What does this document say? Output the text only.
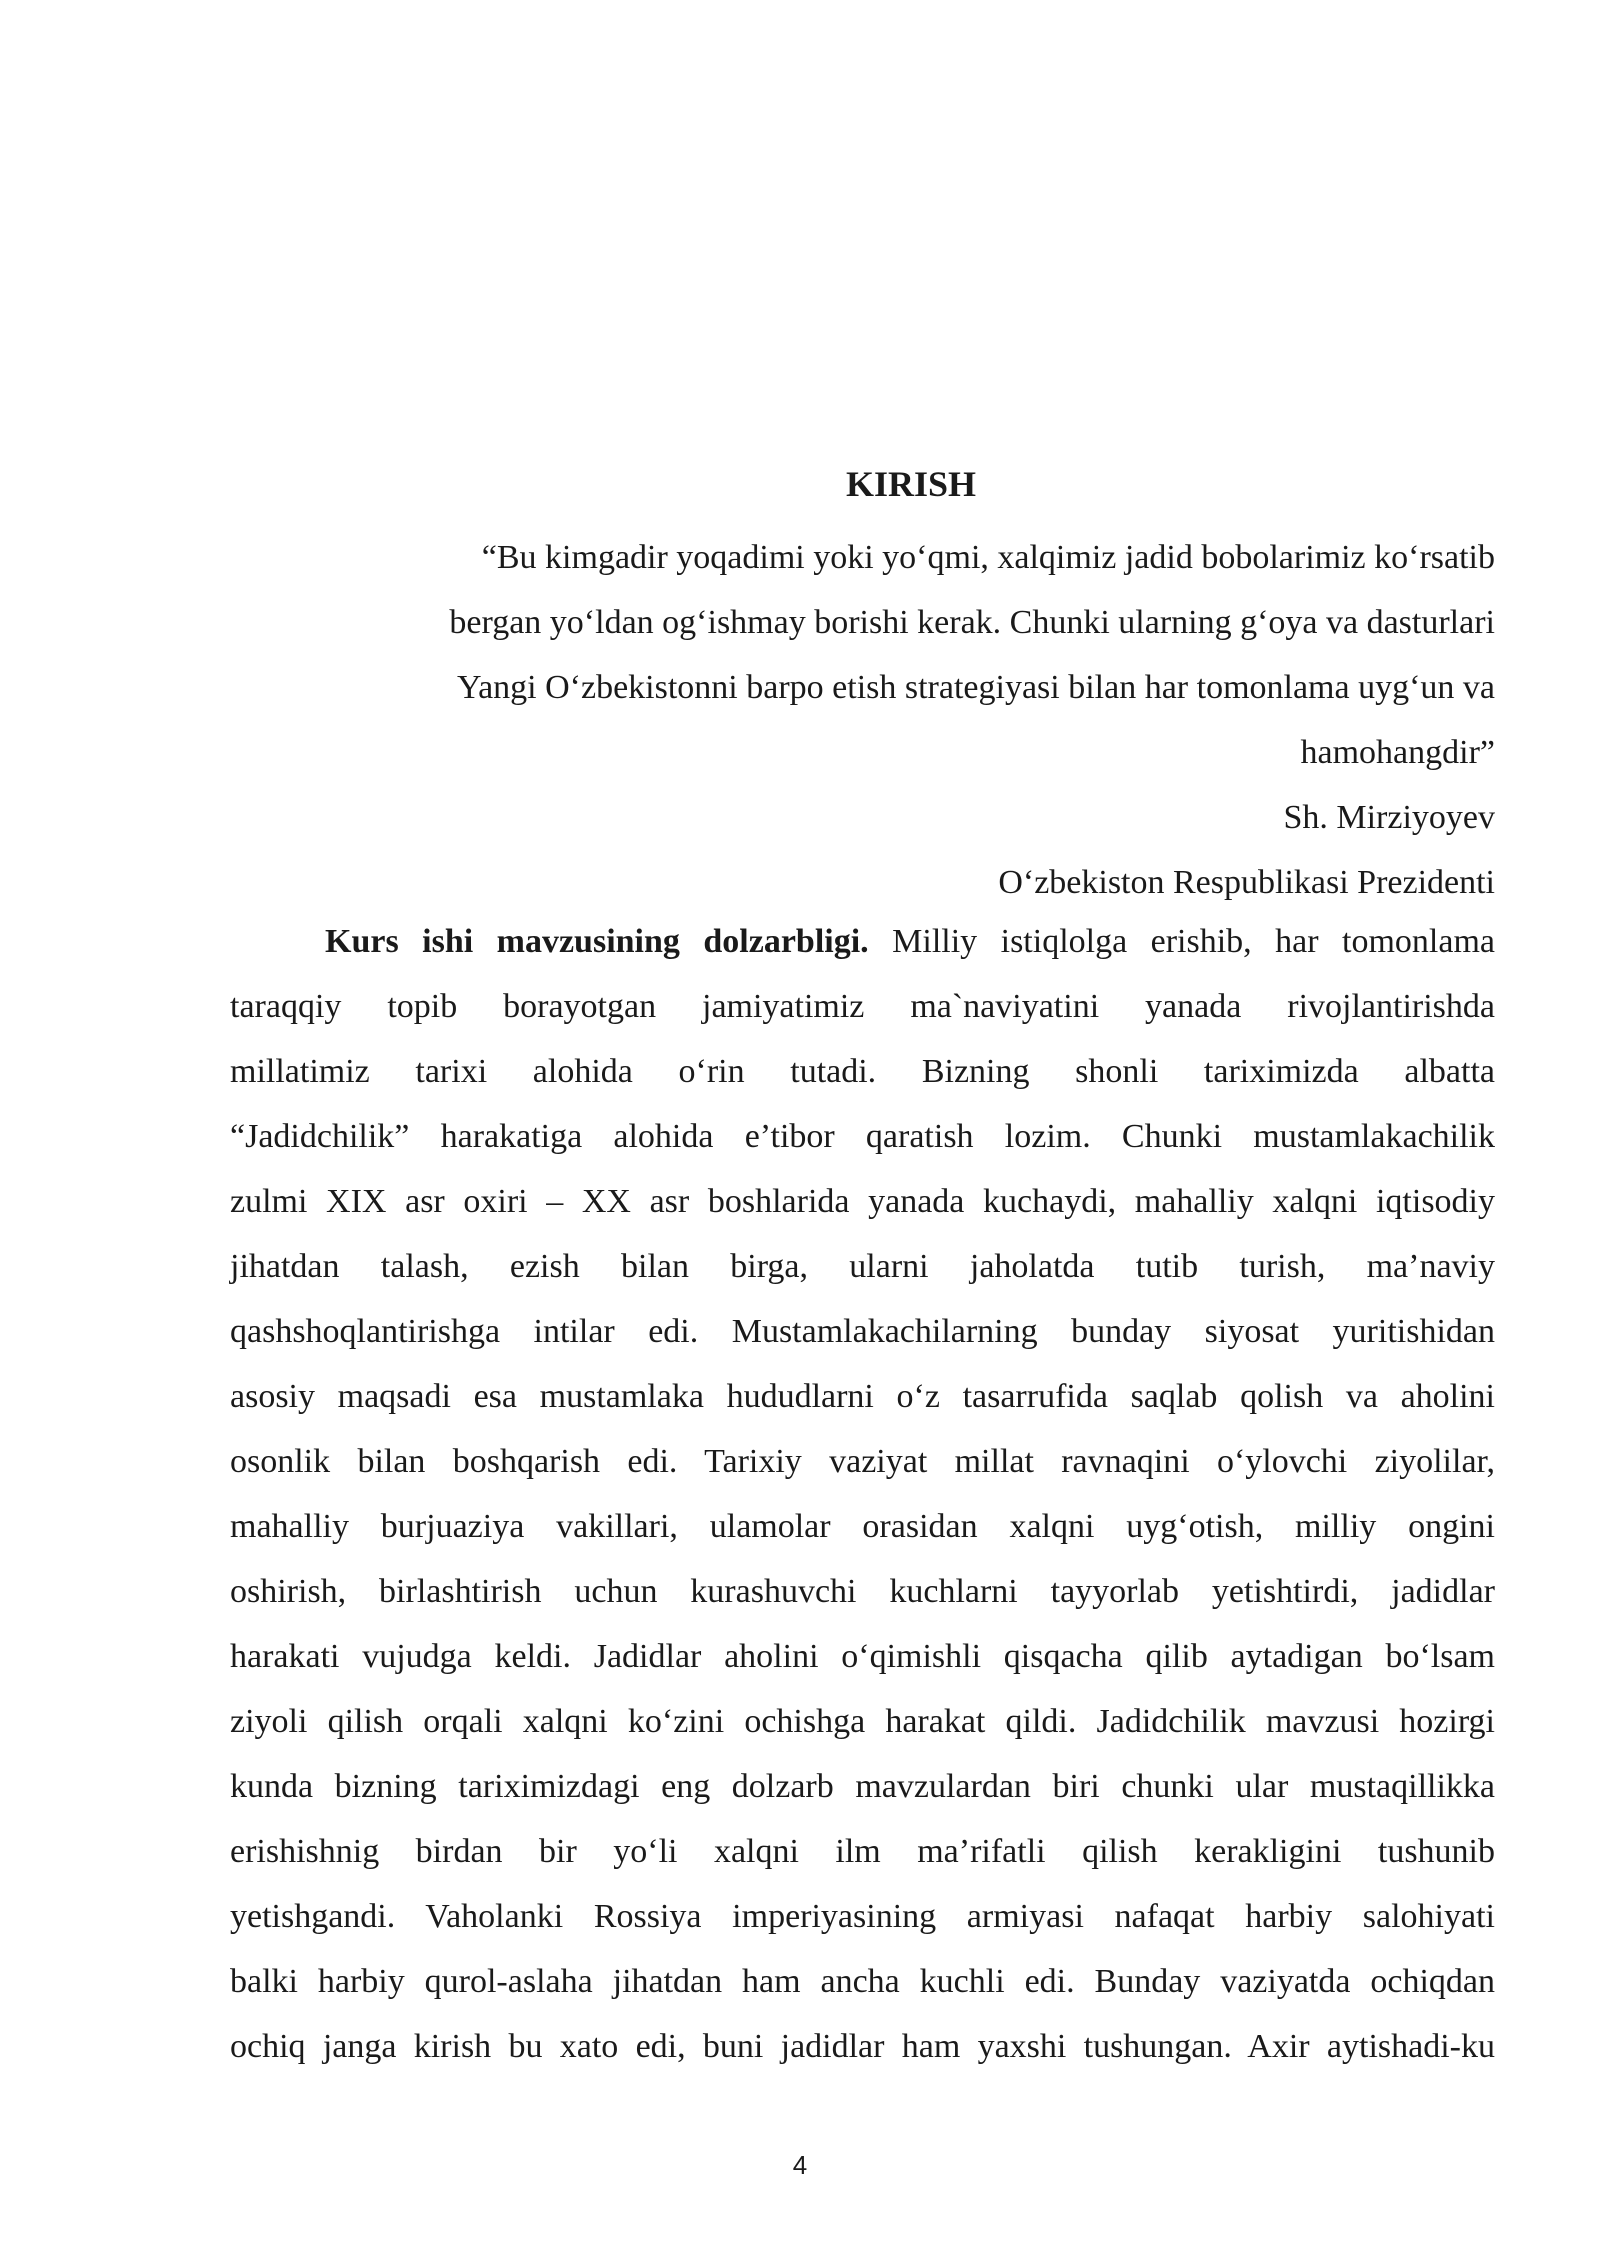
KIRISH
“Bu kimgadir yoqadimi yoki yo‘qmi, xalqimiz jadid bobolarimiz ko‘rsatib
bergan yo‘ldan og‘ishmay borishi kerak. Chunki ularning g‘oya va dasturlari
Yangi O‘zbekistonni barpo etish strategiyasi bilan har tomonlama uyg‘un va
hamohangdir”
Sh. Mirziyoyev
O‘zbekiston Respublikasi Prezidenti
Kurs ishi mavzusining dolzarbligi. Milliy istiqlolga erishib, har tomonlama
taraqqiy topib borayotgan jamiyatimiz ma`naviyatini yanada rivojlantirishda
millatimiz tarixi alohida o‘rin tutadi. Bizning shonli tariximizda albatta
“Jadidchilik” harakatiga alohida e’tibor qaratish lozim. Chunki mustamlakachilik
zulmi XIX asr oxiri – XX asr boshlarida yanada kuchaydi, mahalliy xalqni iqtisodiy
jihatdan talash, ezish bilan birga, ularni jaholatda tutib turish, ma’naviy
qashshoqlantirishga intilar edi. Mustamlakachilarning bunday siyosat yuritishidan
asosiy maqsadi esa mustamlaka hududlarni o‘z tasarrufida saqlab qolish va aholini
osonlik bilan boshqarish edi. Tarixiy vaziyat millat ravnaqini o‘ylovchi ziyolilar,
mahalliy burjuaziya vakillari, ulamolar orasidan xalqni uyg‘otish, milliy ongini
oshirish, birlashtirish uchun kurashuvchi kuchlarni tayyorlab yetishtirdi, jadidlar
harakati vujudga keldi. Jadidlar aholini o‘qimishli qisqacha qilib aytadigan bo‘lsam
ziyoli qilish orqali xalqni ko‘zini ochishga harakat qildi. Jadidchilik mavzusi hozirgi
kunda bizning tariximizdagi eng dolzarb mavzulardan biri chunki ular mustaqillikka
erishishnig birdan bir yo‘li xalqni ilm ma’rifatli qilish kerakligini tushunib
yetishgandi. Vaholanki Rossiya imperiyasining armiyasi nafaqat harbiy salohiyati
balki harbiy qurol-aslaha jihatdan ham ancha kuchli edi. Bunday vaziyatda ochiqdan
ochiq janga kirish bu xato edi, buni jadidlar ham yaxshi tushungan. Axir aytishadi-ku
4
